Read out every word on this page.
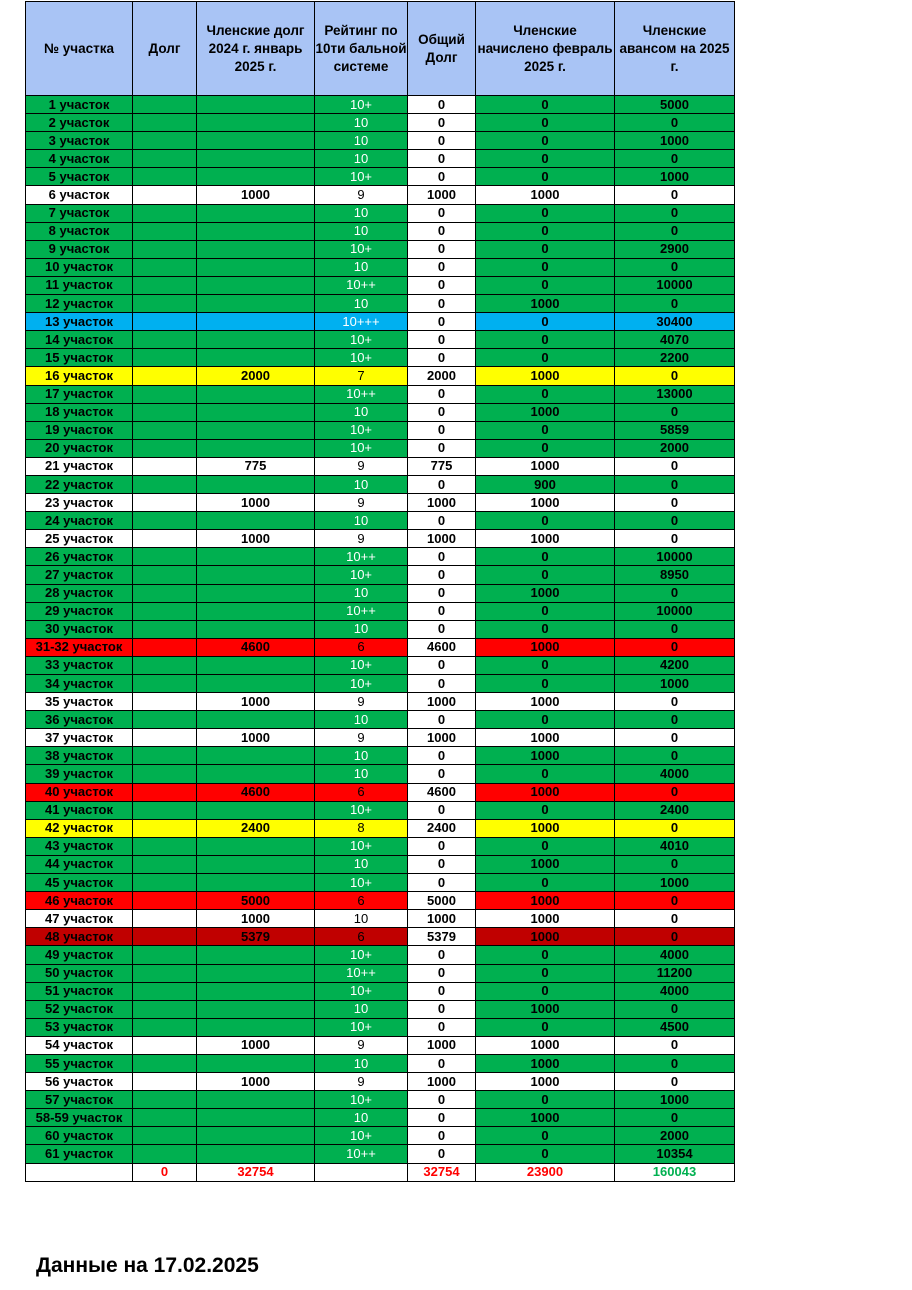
№ участка	Долг	Членские долг 2024 г. январь 2025 г.	Рейтинг по 10ти бальной системе	Общий Долг	Членские начислено февраль 2025 г.	Членские авансом на 2025 г.
1 участок			10+	0	0	5000
2 участок			10	0	0	0
3 участок			10	0	0	1000
4 участок			10	0	0	0
5 участок			10+	0	0	1000
6 участок		1000	9	1000	1000	0
7 участок			10	0	0	0
8 участок			10	0	0	0
9 участок			10+	0	0	2900
10 участок			10	0	0	0
11 участок			10++	0	0	10000
12 участок			10	0	1000	0
13 участок			10+++	0	0	30400
14 участок			10+	0	0	4070
15 участок			10+	0	0	2200
16 участок		2000	7	2000	1000	0
17 участок			10++	0	0	13000
18 участок			10	0	1000	0
19 участок			10+	0	0	5859
20 участок			10+	0	0	2000
21 участок		775	9	775	1000	0
22 участок			10	0	900	0
23 участок		1000	9	1000	1000	0
24 участок			10	0	0	0
25 участок		1000	9	1000	1000	0
26 участок			10++	0	0	10000
27 участок			10+	0	0	8950
28 участок			10	0	1000	0
29 участок			10++	0	0	10000
30 участок			10	0	0	0
31-32 участок		4600	6	4600	1000	0
33 участок			10+	0	0	4200
34 участок			10+	0	0	1000
35 участок		1000	9	1000	1000	0
36 участок			10	0	0	0
37 участок		1000	9	1000	1000	0
38 участок			10	0	1000	0
39 участок			10	0	0	4000
40 участок		4600	6	4600	1000	0
41 участок			10+	0	0	2400
42 участок		2400	8	2400	1000	0
43 участок			10+	0	0	4010
44 участок			10	0	1000	0
45 участок			10+	0	0	1000
46 участок		5000	6	5000	1000	0
47 участок		1000	10	1000	1000	0
48 участок		5379	6	5379	1000	0
49 участок			10+	0	0	4000
50 участок			10++	0	0	11200
51 участок			10+	0	0	4000
52 участок			10	0	1000	0
53 участок			10+	0	0	4500
54 участок		1000	9	1000	1000	0
55 участок			10	0	1000	0
56 участок		1000	9	1000	1000	0
57 участок			10+	0	0	1000
58-59 участок			10	0	1000	0
60 участок			10+	0	0	2000
61 участок			10++	0	0	10354
	0	32754		32754	23900	160043
Данные на 17.02.2025
